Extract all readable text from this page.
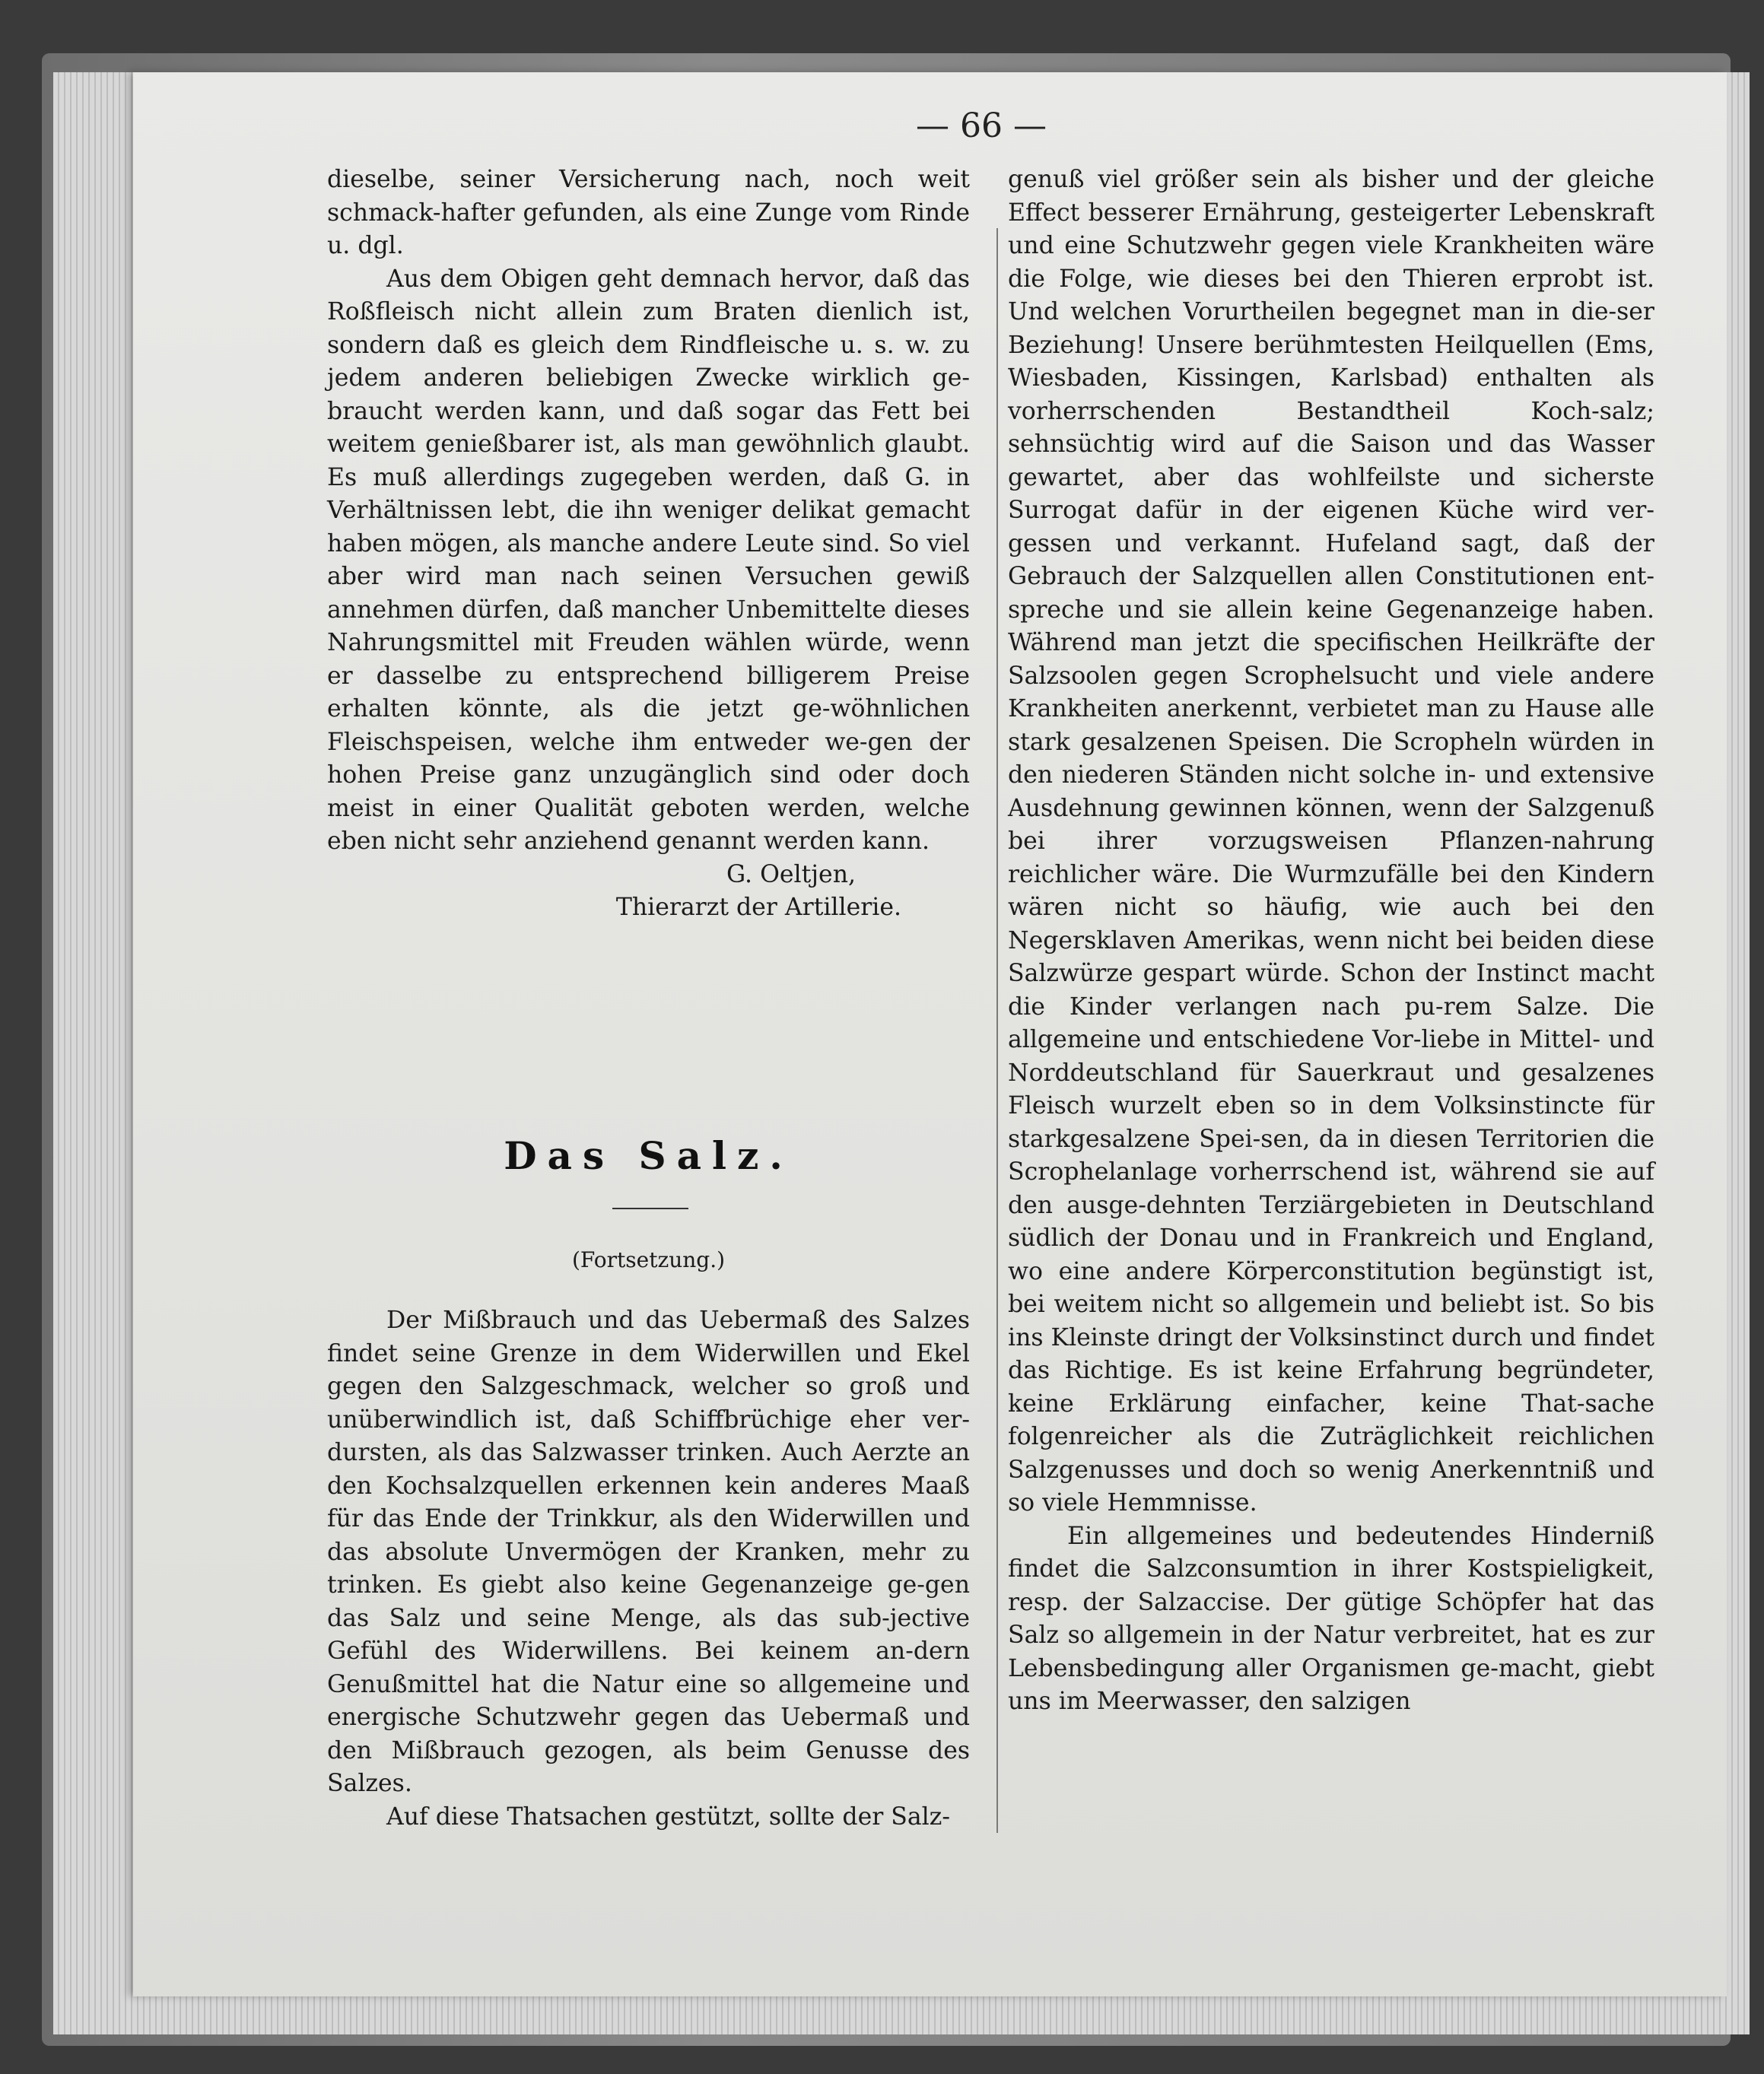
— 66 —

dieselbe, seiner Versicherung nach, noch weit schmack-hafter gefunden, als eine Zunge vom Rinde u. dgl.

Aus dem Obigen geht demnach hervor, daß das Roßfleisch nicht allein zum Braten dienlich ist, sondern daß es gleich dem Rindfleische u. s. w. zu jedem anderen beliebigen Zwecke wirklich ge-braucht werden kann, und daß sogar das Fett bei weitem genießbarer ist, als man gewöhnlich glaubt. Es muß allerdings zugegeben werden, daß G. in Verhältnissen lebt, die ihn weniger delikat gemacht haben mögen, als manche andere Leute sind. So viel aber wird man nach seinen Versuchen gewiß annehmen dürfen, daß mancher Unbemittelte dieses Nahrungsmittel mit Freuden wählen würde, wenn er dasselbe zu entsprechend billigerem Preise erhalten könnte, als die jetzt ge-wöhnlichen Fleischspeisen, welche ihm entweder we-gen der hohen Preise ganz unzugänglich sind oder doch meist in einer Qualität geboten werden, welche eben nicht sehr anziehend genannt werden kann.

G. Oeltjen,

Thierarzt der Artillerie.

Das Salz.
(Fortsetzung.)

Der Mißbrauch und das Uebermaß des Salzes findet seine Grenze in dem Widerwillen und Ekel gegen den Salzgeschmack, welcher so groß und unüberwindlich ist, daß Schiffbrüchige eher ver-dursten, als das Salzwasser trinken. Auch Aerzte an den Kochsalzquellen erkennen kein anderes Maaß für das Ende der Trinkkur, als den Widerwillen und das absolute Unvermögen der Kranken, mehr zu trinken. Es giebt also keine Gegenanzeige ge-gen das Salz und seine Menge, als das sub-jective Gefühl des Widerwillens. Bei keinem an-dern Genußmittel hat die Natur eine so allgemeine und energische Schutzwehr gegen das Uebermaß und den Mißbrauch gezogen, als beim Genusse des Salzes.

Auf diese Thatsachen gestützt, sollte der Salz-

genuß viel größer sein als bisher und der gleiche Effect besserer Ernährung, gesteigerter Lebenskraft und eine Schutzwehr gegen viele Krankheiten wäre die Folge, wie dieses bei den Thieren erprobt ist. Und welchen Vorurtheilen begegnet man in die-ser Beziehung! Unsere berühmtesten Heilquellen (Ems, Wiesbaden, Kissingen, Karlsbad) enthalten als vorherrschenden Bestandtheil Koch-salz; sehnsüchtig wird auf die Saison und das Wasser gewartet, aber das wohlfeilste und sicherste Surrogat dafür in der eigenen Küche wird ver-gessen und verkannt. Hufeland sagt, daß der Gebrauch der Salzquellen allen Constitutionen ent-spreche und sie allein keine Gegenanzeige haben. Während man jetzt die specifischen Heilkräfte der Salzsoolen gegen Scrophelsucht und viele andere Krankheiten anerkennt, verbietet man zu Hause alle stark gesalzenen Speisen. Die Scropheln würden in den niederen Ständen nicht solche in- und extensive Ausdehnung gewinnen können, wenn der Salzgenuß bei ihrer vorzugsweisen Pflanzen-nahrung reichlicher wäre. Die Wurmzufälle bei den Kindern wären nicht so häufig, wie auch bei den Negersklaven Amerikas, wenn nicht bei beiden diese Salzwürze gespart würde. Schon der Instinct macht die Kinder verlangen nach pu-rem Salze. Die allgemeine und entschiedene Vor-liebe in Mittel- und Norddeutschland für Sauerkraut und gesalzenes Fleisch wurzelt eben so in dem Volksinstincte für starkgesalzene Spei-sen, da in diesen Territorien die Scrophelanlage vorherrschend ist, während sie auf den ausge-dehnten Terziärgebieten in Deutschland südlich der Donau und in Frankreich und England, wo eine andere Körperconstitution begünstigt ist, bei weitem nicht so allgemein und beliebt ist. So bis ins Kleinste dringt der Volksinstinct durch und findet das Richtige. Es ist keine Erfahrung begründeter, keine Erklärung einfacher, keine That-sache folgenreicher als die Zuträglichkeit reichlichen Salzgenusses und doch so wenig Anerkenntniß und so viele Hemmnisse.

Ein allgemeines und bedeutendes Hinderniß findet die Salzconsumtion in ihrer Kostspieligkeit, resp. der Salzaccise. Der gütige Schöpfer hat das Salz so allgemein in der Natur verbreitet, hat es zur Lebensbedingung aller Organismen ge-macht, giebt uns im Meerwasser, den salzigen
